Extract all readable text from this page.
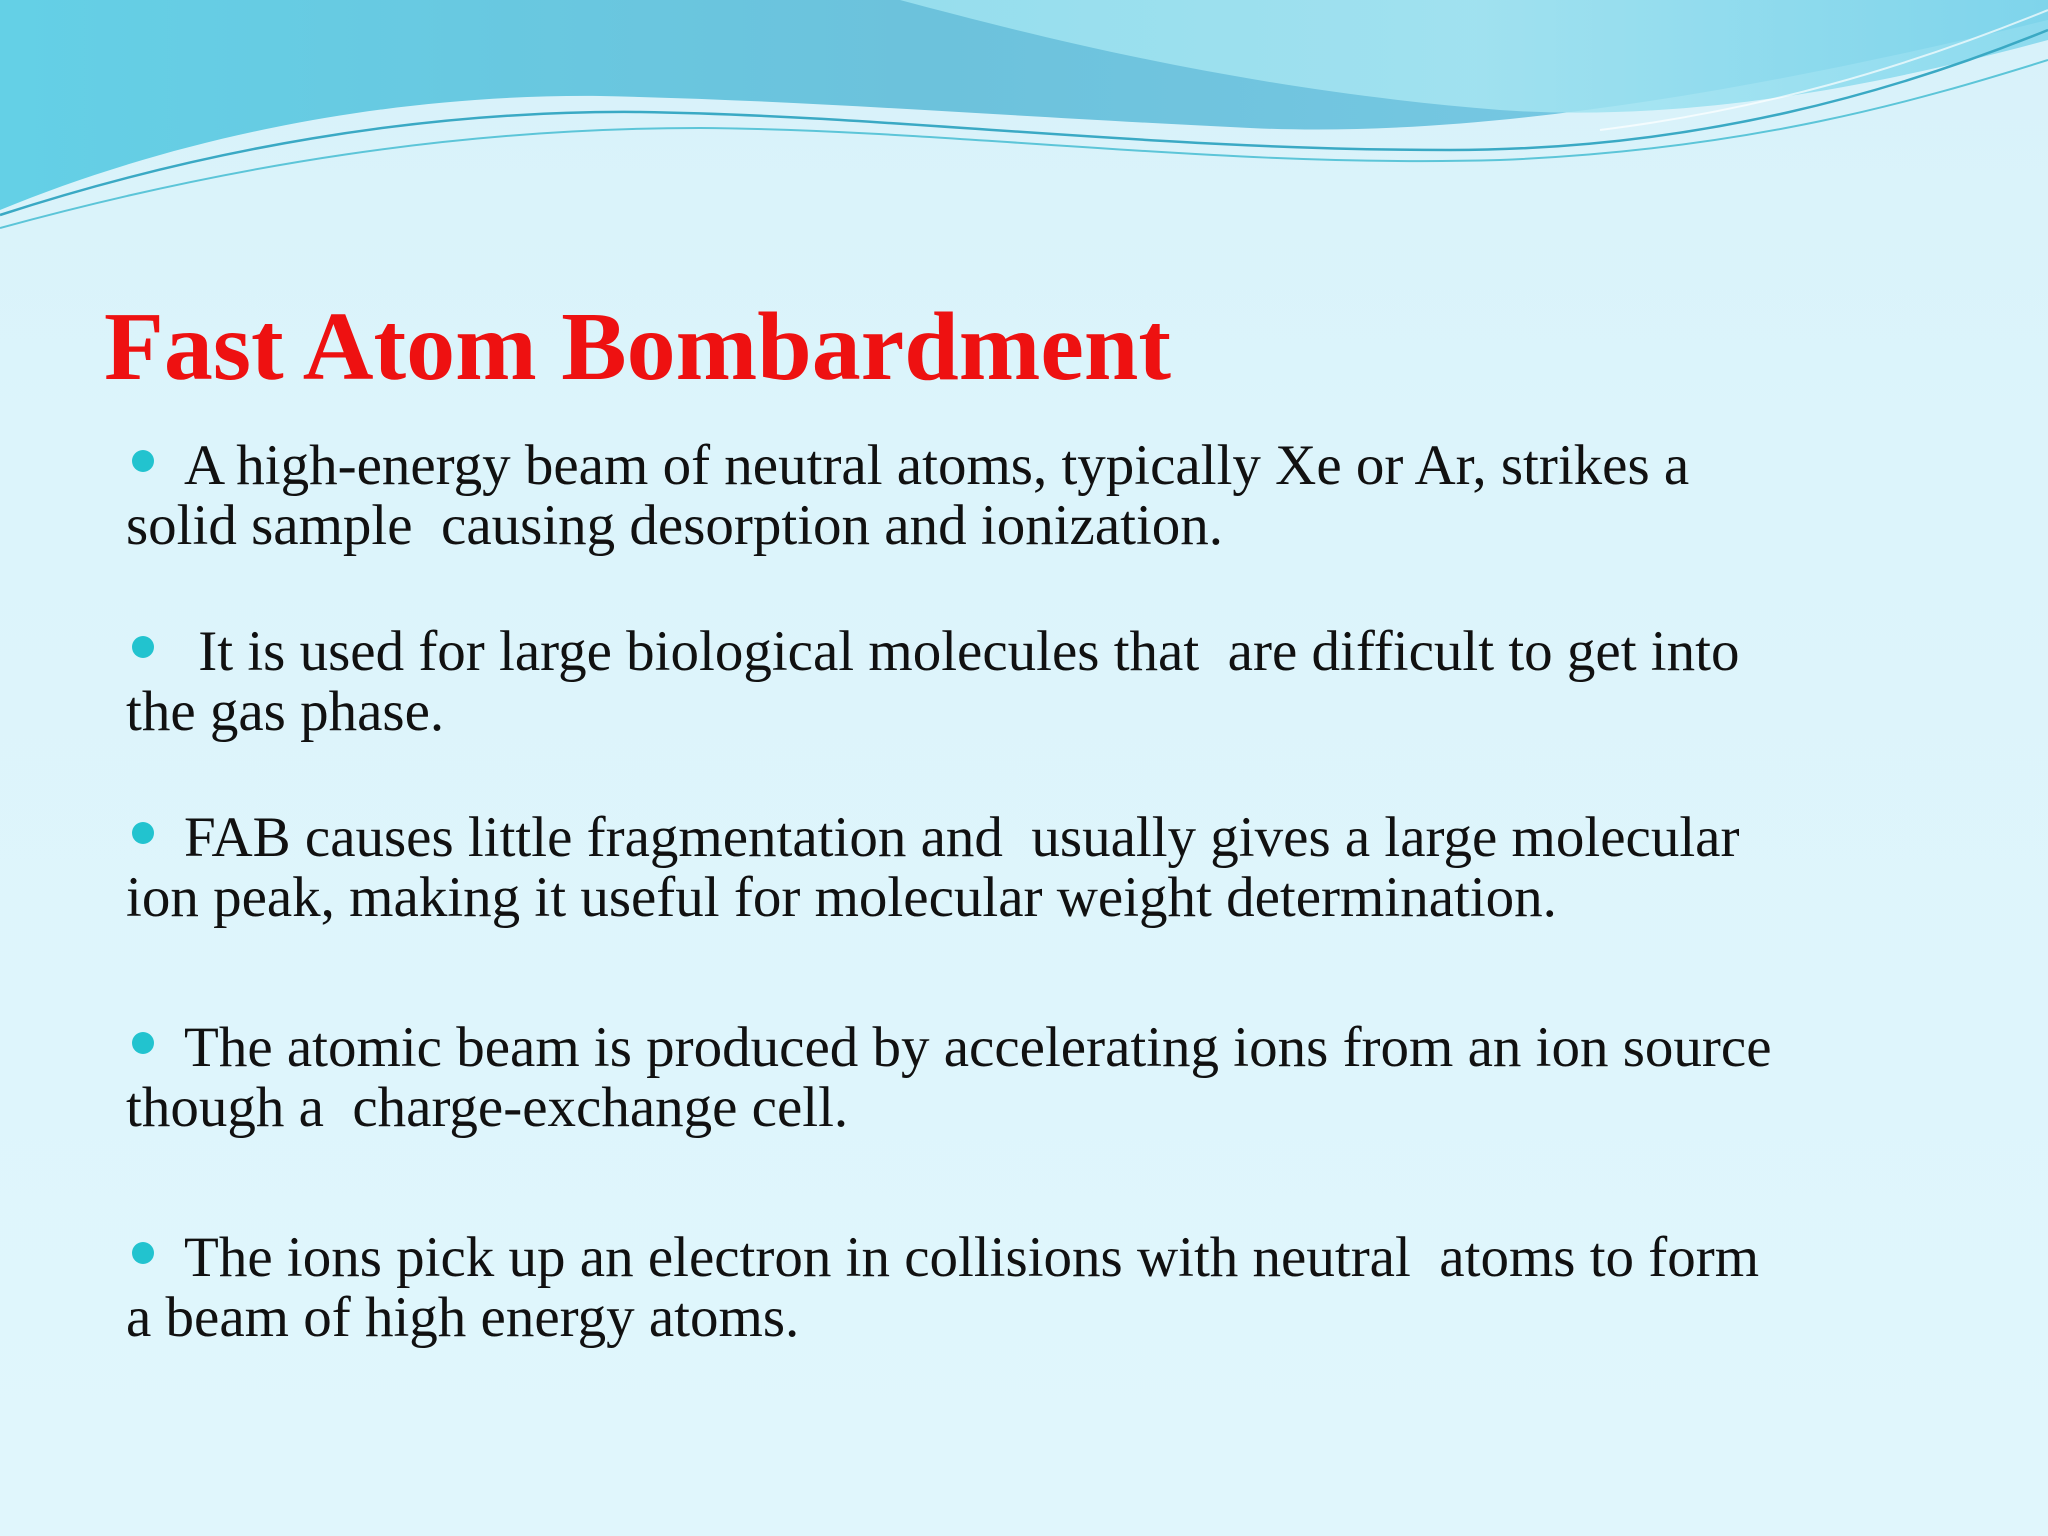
Fast Atom Bombardment

A high-energy beam of neutral atoms, typically Xe or Ar, strikes a
solid sample  causing desorption and ionization.

It is used for large biological molecules that  are difficult to get into
the gas phase.

FAB causes little fragmentation and  usually gives a large molecular
ion peak, making it useful for molecular weight determination.

The atomic beam is produced by accelerating ions from an ion source
though a  charge-exchange cell.

The ions pick up an electron in collisions with neutral  atoms to form
a beam of high energy atoms.
